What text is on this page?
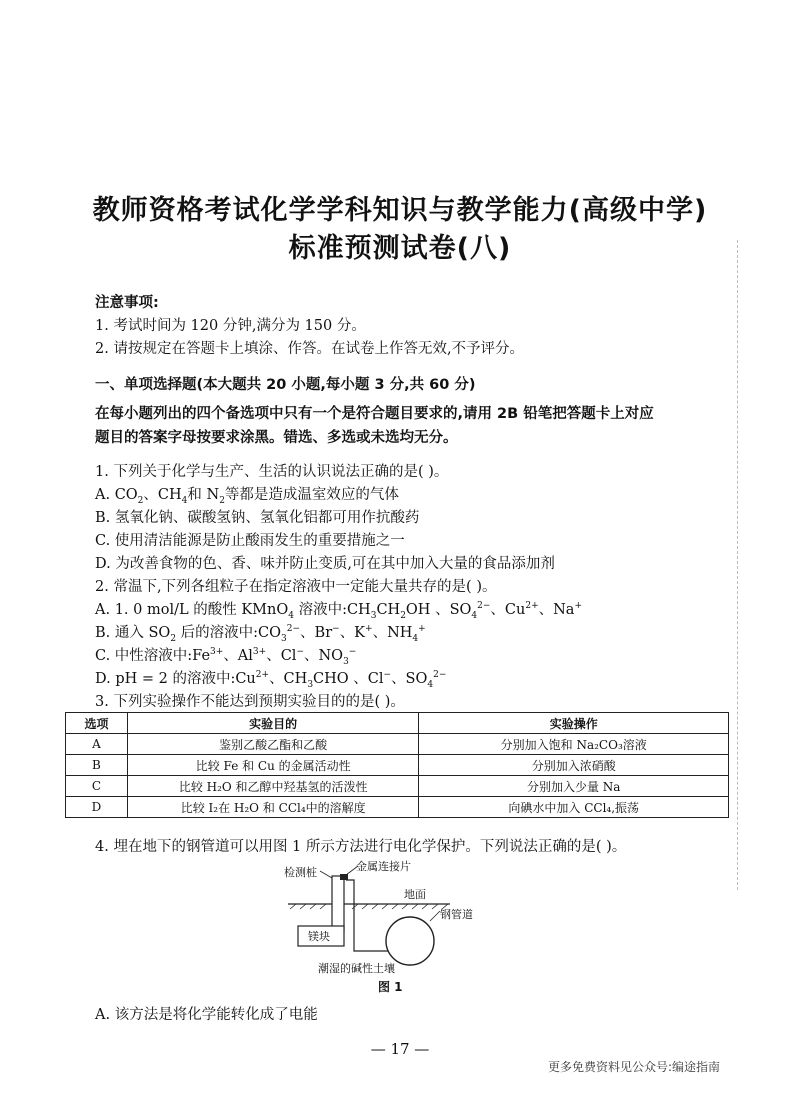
教师资格考试化学学科知识与教学能力(高级中学)
标准预测试卷(八)
注意事项:
1. 考试时间为 120 分钟,满分为 150 分。
2. 请按规定在答题卡上填涂、作答。在试卷上作答无效,不予评分。
一、单项选择题(本大题共 20 小题,每小题 3 分,共 60 分)
在每小题列出的四个备选项中只有一个是符合题目要求的,请用 2B 铅笔把答题卡上对应
题目的答案字母按要求涂黑。错选、多选或未选均无分。
1. 下列关于化学与生产、生活的认识说法正确的是( )。
A. $CO_2$、$CH_4$和 $N_2$等都是造成温室效应的气体
B. 氢氧化钠、碳酸氢钠、氢氧化铝都可用作抗酸药
C. 使用清洁能源是防止酸雨发生的重要措施之一
D. 为改善食物的色、香、味并防止变质,可在其中加入大量的食品添加剂
2. 常温下,下列各组粒子在指定溶液中一定能大量共存的是( )。
A. 1. 0 mol/L 的酸性 KMnO$_4$ 溶液中$:CH_3CH_2OH$ 、$SO_4^{2-}$、$Cu^{2+}$、Na+
B. 通入 $SO_2$ 后的溶液中$:CO_3^{2-}$、Br−、K+、$NH_4^+$
C. 中性溶液中$:Fe^{3+}$、$Al^{3+}$、Cl−、$NO_3^-$
D. pH = 2 的溶液中$:Cu^{2+}$、$CH_3CHO$ 、Cl−、$SO_4^{2-}$
3. 下列实验操作不能达到预期实验目的的是( )。
选项	实验目的	实验操作
A	鉴别乙酸乙酯和乙酸	分别加入饱和 Na₂CO₃溶液
B	比较 Fe 和 Cu 的金属活动性	分别加入浓硝酸
C	比较 H₂O 和乙醇中羟基氢的活泼性	分别加入少量 Na
D	比较 I₂在 H₂O 和 CCl₄中的溶解度	向碘水中加入 CCl₄,振荡
4. 埋在地下的钢管道可以用图 1 所示方法进行电化学保护。下列说法正确的是( )。
检测桩	金属连接片
地面
钢管道
镁块
潮湿的碱性土壤
图 1
A. 该方法是将化学能转化成了电能
— 17 —
更多免费资料见公众号:编途指南
